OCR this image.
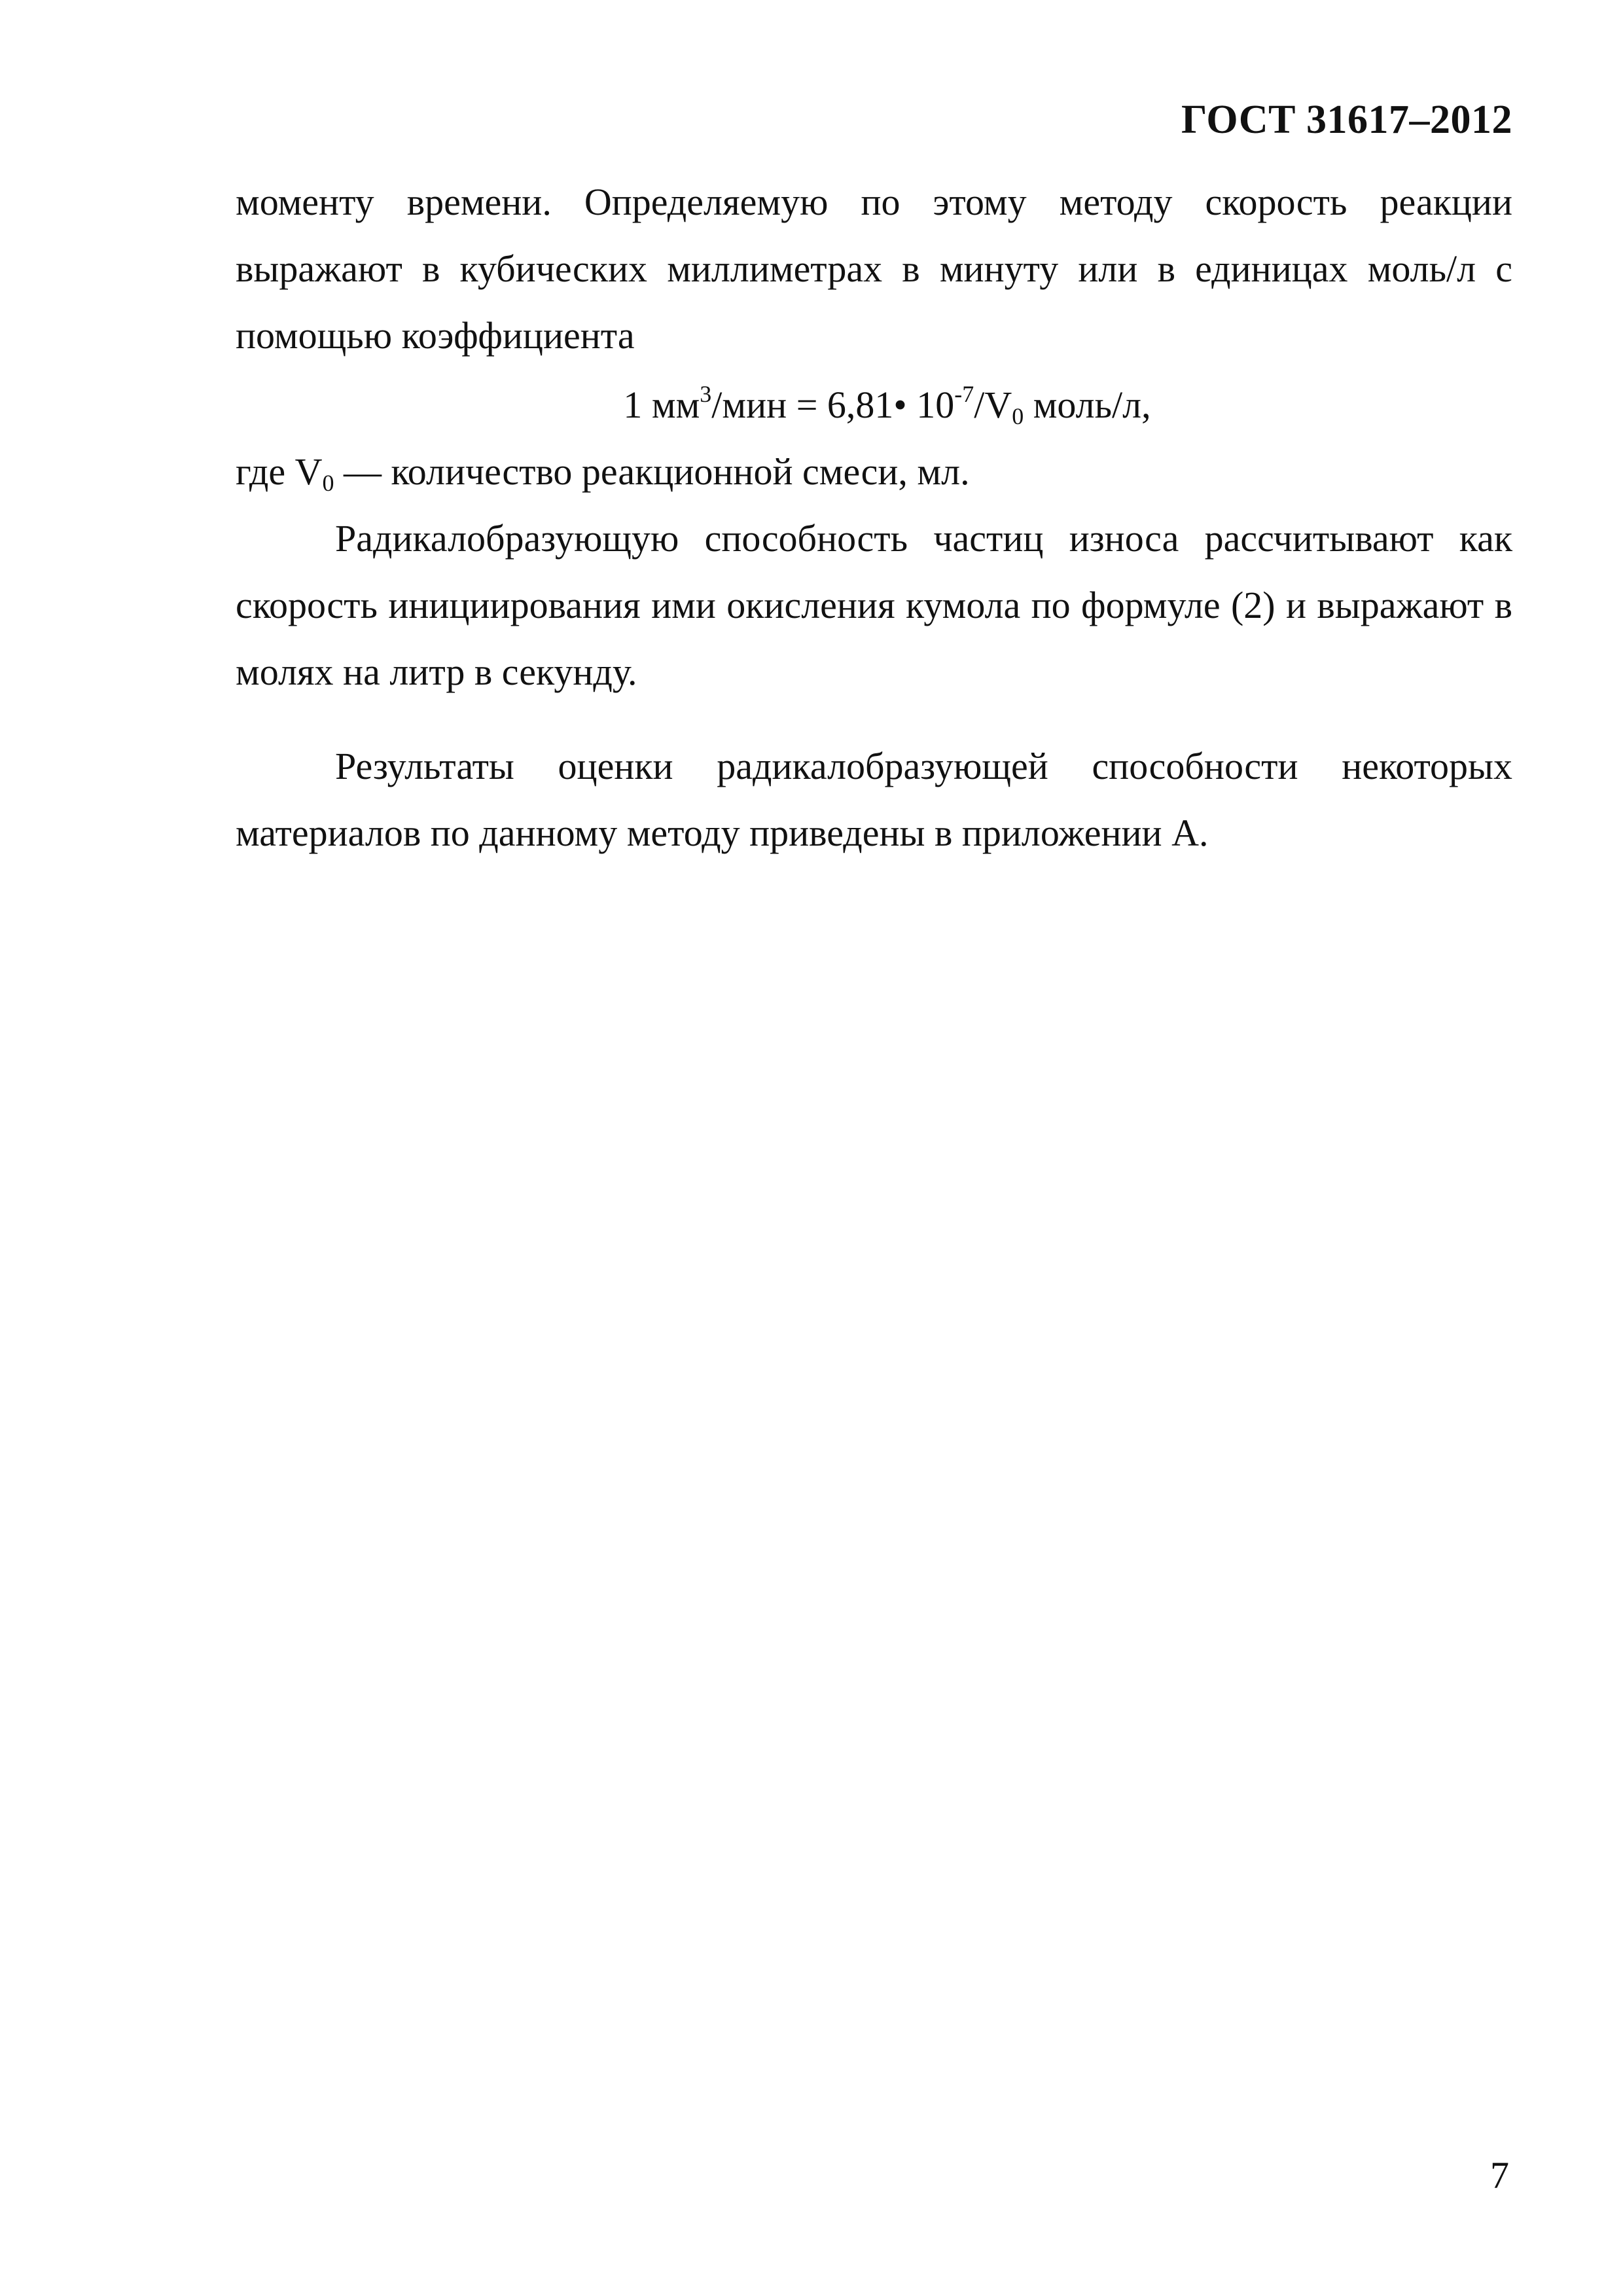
ГОСТ 31617–2012

моменту времени. Определяемую по этому методу скорость реакции выражают в кубических миллиметрах в минуту или в единицах моль/л с помощью коэффициента

1 $мм^3$/мин = 6,81• $10^{-7}/V_0$ моль/л,

где $V_0$ — количество реакционной смеси, мл.

Радикалобразующую способность частиц износа рассчитывают как скорость инициирования ими окисления кумола по формуле (2) и выражают в молях на литр в секунду.

Результаты оценки радикалобразующей способности некоторых материалов по данному методу приведены в приложении А.

7
